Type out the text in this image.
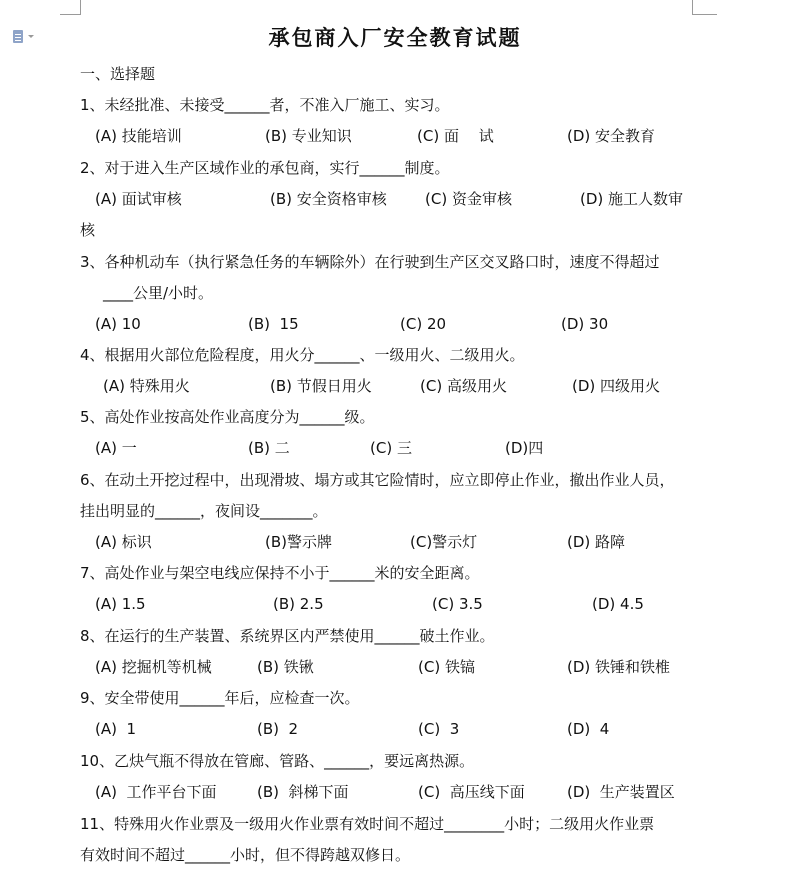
承包商入厂安全教育试题
一、选择题
1、未经批准、未接受______者，不准入厂施工、实习。
(A) 技能培训	(B) 专业知识	(C) 面　 试	(D) 安全教育
2、对于进入生产区域作业的承包商，实行______制度。
(A) 面试审核	(B) 安全资格审核	(C) 资金审核	(D) 施工人数审
核
3、各种机动车（执行紧急任务的车辆除外）在行驶到生产区交叉路口时，速度不得超过
____公里/小时。
(A) 10	(B)  15	(C) 20	(D) 30
4、根据用火部位危险程度，用火分______、一级用火、二级用火。
(A) 特殊用火	(B) 节假日用火	(C) 高级用火	(D) 四级用火
5、高处作业按高处作业高度分为______级。
(A) 一	(B) 二	(C) 三	(D)四
6、在动土开挖过程中，出现滑坡、塌方或其它险情时，应立即停止作业，撤出作业人员，
挂出明显的______，夜间设_______。
(A) 标识	(B)警示牌	(C)警示灯	(D) 路障
7、高处作业与架空电线应保持不小于______米的安全距离。
(A) 1.5	(B) 2.5	(C) 3.5	(D) 4.5
8、在运行的生产装置、系统界区内严禁使用______破土作业。
(A) 挖掘机等机械	(B) 铁锹	(C) 铁镐	(D) 铁锤和铁椎
9、安全带使用______年后，应检查一次。
(A)  1	(B)  2	(C)  3	(D)  4
10、乙炔气瓶不得放在管廊、管路、______，要远离热源。
(A)  工作平台下面	(B)  斜梯下面	(C)  高压线下面	(D)  生产装置区
11、特殊用火作业票及一级用火作业票有效时间不超过________小时；二级用火作业票
有效时间不超过______小时，但不得跨越双修日。
